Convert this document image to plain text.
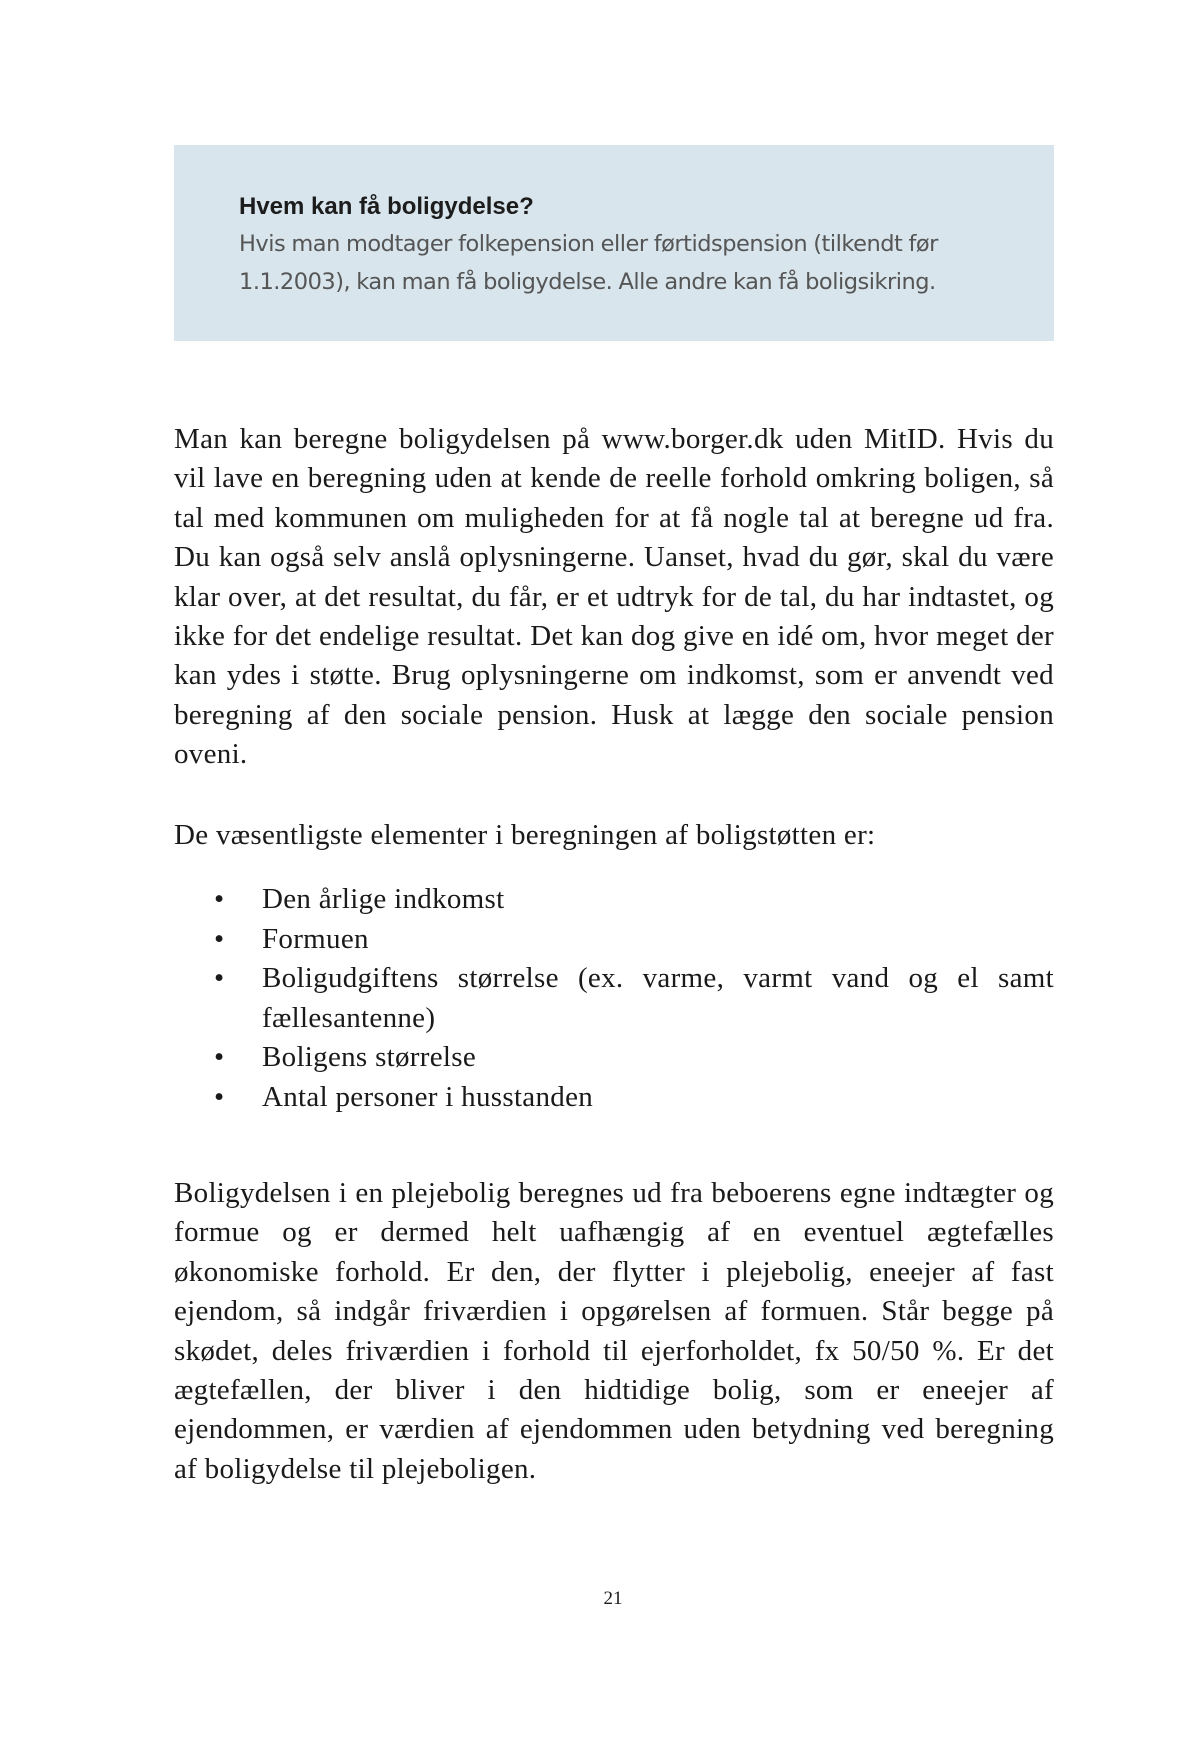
Hvem kan få boligydelse?

Hvis man modtager folkepension eller førtidspension (tilkendt før 1.1.2003), kan man få boligydelse. Alle andre kan få boligsikring.

Man kan beregne boligydelsen på www.borger.dk uden MitID. Hvis du vil lave en beregning uden at kende de reelle forhold omkring boligen, så tal med kommunen om muligheden for at få nogle tal at beregne ud fra. Du kan også selv anslå oplysningerne. Uanset, hvad du gør, skal du være klar over, at det resultat, du får, er et udtryk for de tal, du har indtastet, og ikke for det endelige resultat. Det kan dog give en idé om, hvor meget der kan ydes i støtte. Brug oplysningerne om indkomst, som er anvendt ved beregning af den sociale pension. Husk at lægge den sociale pension oveni.

De væsentligste elementer i beregningen af boligstøtten er:

• Den årlige indkomst
• Formuen
• Boligudgiftens størrelse (ex. varme, varmt vand og el samt fællesantenne)
• Boligens størrelse
• Antal personer i husstanden

Boligydelsen i en plejebolig beregnes ud fra beboerens egne indtægter og formue og er dermed helt uafhængig af en eventuel ægtefælles økonomiske forhold. Er den, der flytter i plejebolig, eneejer af fast ejendom, så indgår friværdien i opgørelsen af formuen. Står begge på skødet, deles friværdien i forhold til ejerforholdet, fx 50/50 %. Er det ægtefællen, der bliver i den hidtidige bolig, som er eneejer af ejendommen, er værdien af ejendommen uden betydning ved beregning af boligydelse til plejeboligen.

21
